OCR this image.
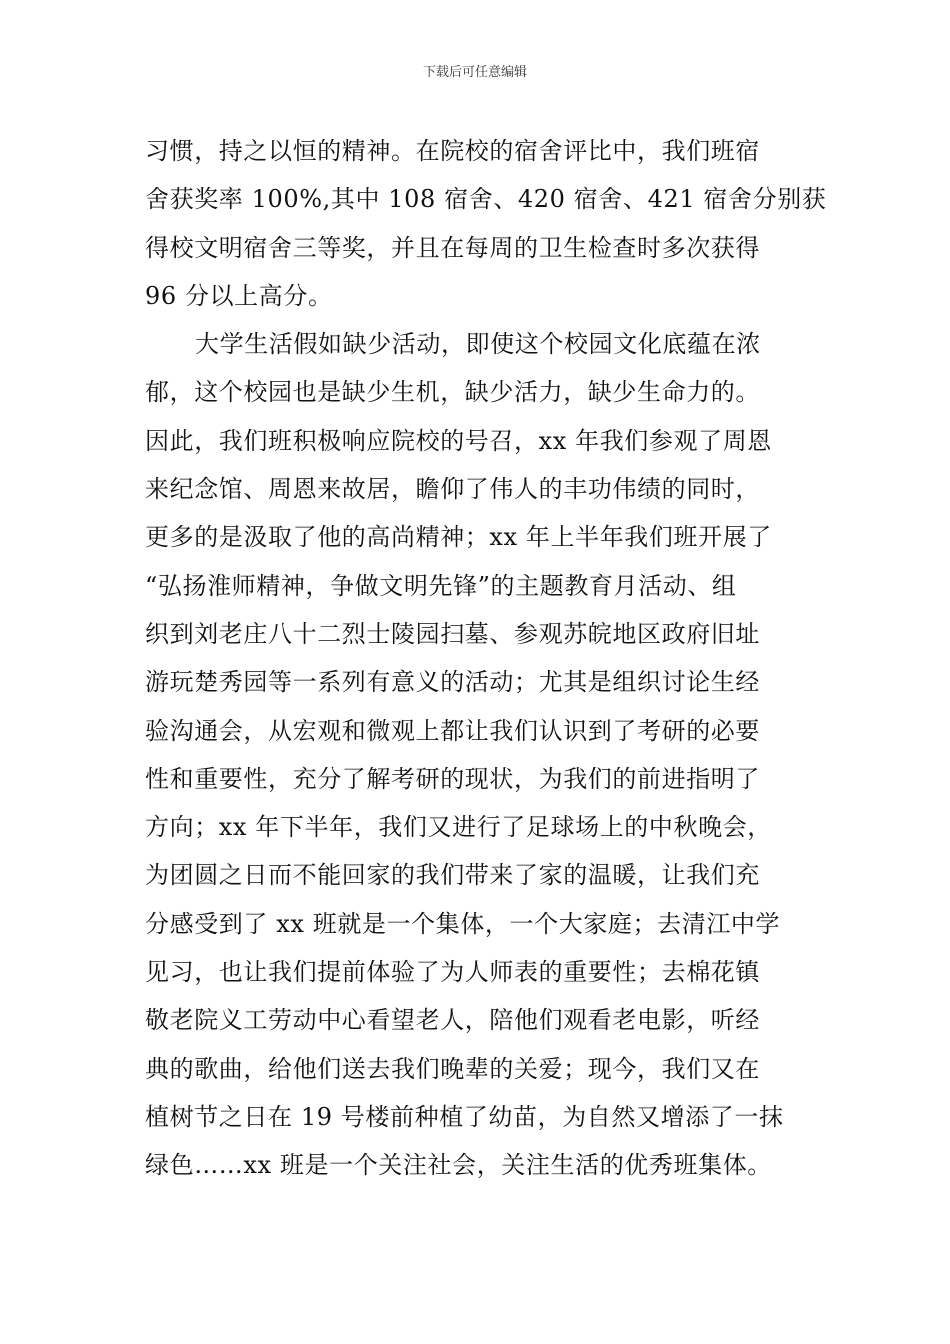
下载后可任意编辑
习惯，持之以恒的精神。在院校的宿舍评比中，我们班宿
舍获奖率 100%,其中 108 宿舍、420 宿舍、421 宿舍分别获
得校文明宿舍三等奖，并且在每周的卫生检查时多次获得
96 分以上高分。
大学生活假如缺少活动，即使这个校园文化底蕴在浓
郁，这个校园也是缺少生机，缺少活力，缺少生命力的。
因此，我们班积极响应院校的号召，xx 年我们参观了周恩
来纪念馆、周恩来故居，瞻仰了伟人的丰功伟绩的同时，
更多的是汲取了他的高尚精神；xx 年上半年我们班开展了
“弘扬淮师精神，争做文明先锋”的主题教育月活动、组
织到刘老庄八十二烈士陵园扫墓、参观苏皖地区政府旧址
游玩楚秀园等一系列有意义的活动；尤其是组织讨论生经
验沟通会，从宏观和微观上都让我们认识到了考研的必要
性和重要性，充分了解考研的现状，为我们的前进指明了
方向；xx 年下半年，我们又进行了足球场上的中秋晚会，
为团圆之日而不能回家的我们带来了家的温暖，让我们充
分感受到了 xx 班就是一个集体，一个大家庭；去清江中学
见习，也让我们提前体验了为人师表的重要性；去棉花镇
敬老院义工劳动中心看望老人，陪他们观看老电影，听经
典的歌曲，给他们送去我们晚辈的关爱；现今，我们又在
植树节之日在 19 号楼前种植了幼苗，为自然又增添了一抹
绿色……xx 班是一个关注社会，关注生活的优秀班集体。
